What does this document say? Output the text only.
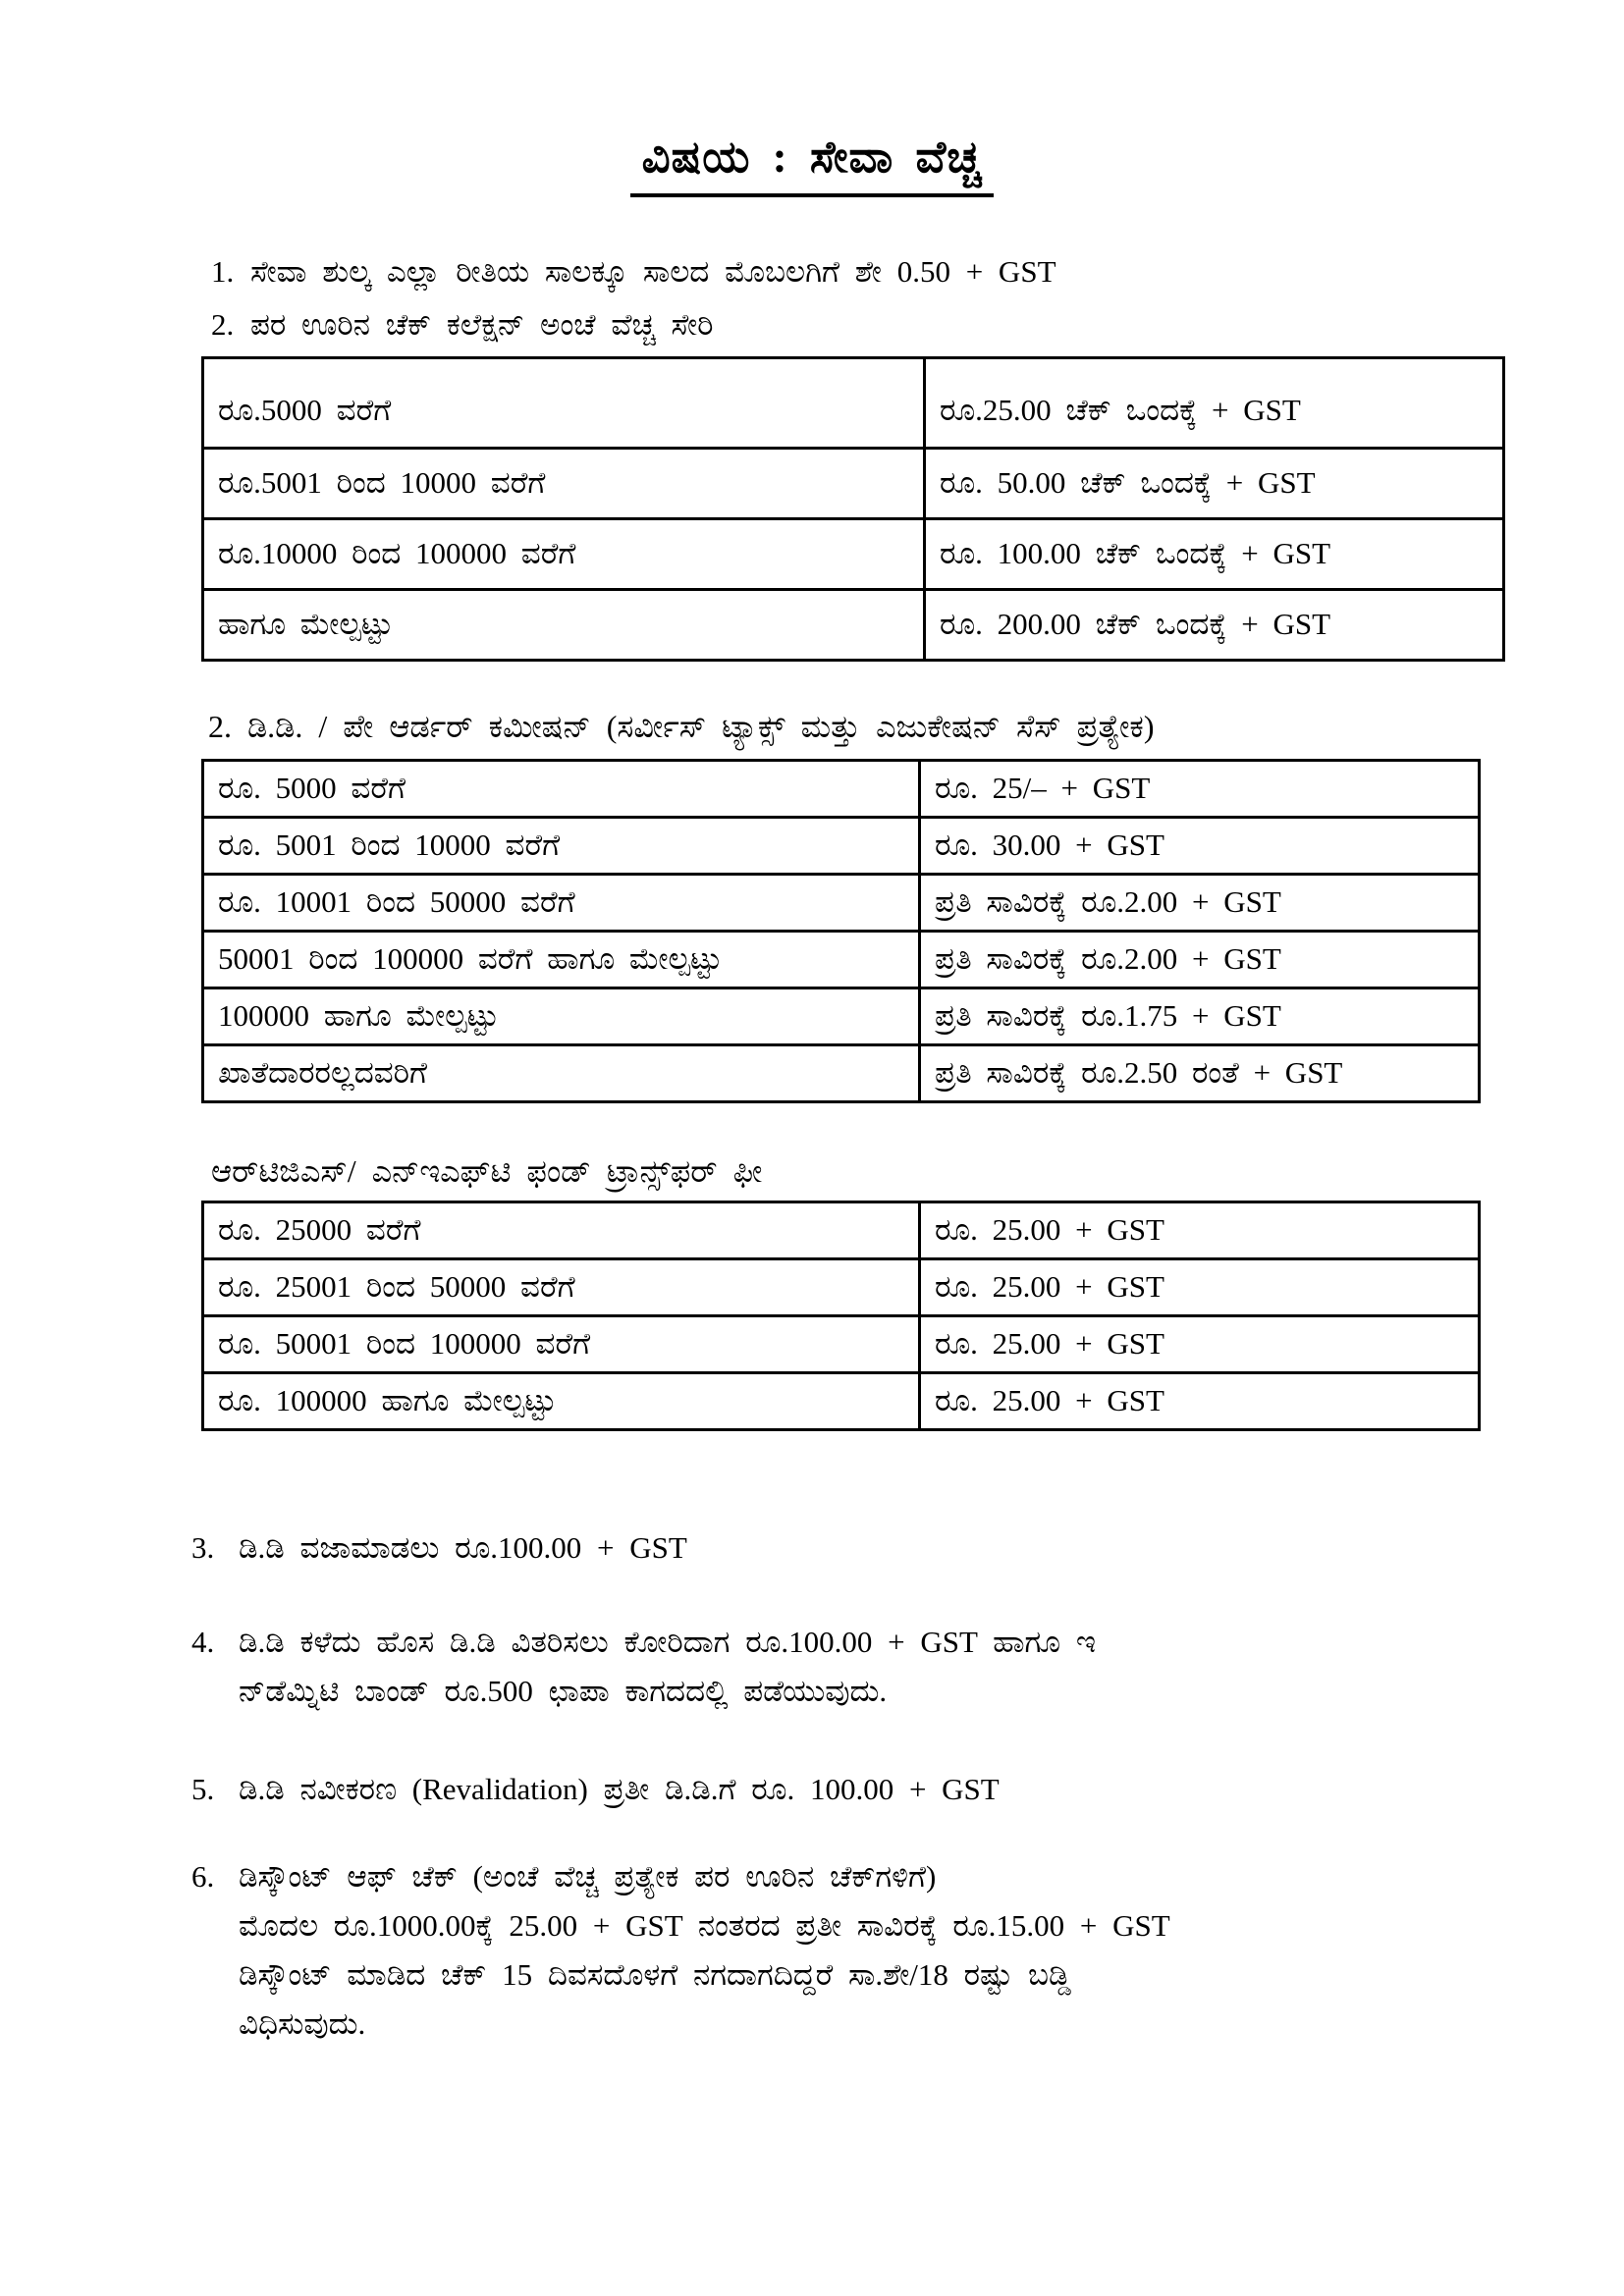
ವಿಷಯ : ಸೇವಾ ವೆಚ್ಚ
1. ಸೇವಾ ಶುಲ್ಕ ಎಲ್ಲಾ ರೀತಿಯ ಸಾಲಕ್ಕೂ ಸಾಲದ ಮೊಬಲಗಿಗೆ ಶೇ 0.50 + GST
2. ಪರ ಊರಿನ ಚೆಕ್ ಕಲೆಕ್ಷನ್ ಅಂಚೆ ವೆಚ್ಚ ಸೇರಿ
ರೂ.5000 ವರೆಗೆ	ರೂ.25.00 ಚೆಕ್ ಒಂದಕ್ಕೆ + GST
ರೂ.5001 ರಿಂದ 10000 ವರೆಗೆ	ರೂ. 50.00 ಚೆಕ್ ಒಂದಕ್ಕೆ + GST
ರೂ.10000 ರಿಂದ 100000 ವರೆಗೆ	ರೂ. 100.00 ಚೆಕ್ ಒಂದಕ್ಕೆ + GST
ಹಾಗೂ ಮೇಲ್ಪಟ್ಟು	ರೂ. 200.00 ಚೆಕ್ ಒಂದಕ್ಕೆ + GST
2. ಡಿ.ಡಿ. / ಪೇ ಆರ್ಡರ್ ಕಮೀಷನ್ (ಸರ್ವೀಸ್ ಟ್ಯಾಕ್ಸ್ ಮತ್ತು ಎಜುಕೇಷನ್ ಸೆಸ್ ಪ್ರತ್ಯೇಕ)
ರೂ. 5000 ವರೆಗೆ	ರೂ. 25/– + GST
ರೂ. 5001 ರಿಂದ 10000 ವರೆಗೆ	ರೂ. 30.00 + GST
ರೂ. 10001 ರಿಂದ 50000 ವರೆಗೆ	ಪ್ರತಿ ಸಾವಿರಕ್ಕೆ ರೂ.2.00 + GST
50001 ರಿಂದ 100000 ವರೆಗೆ ಹಾಗೂ ಮೇಲ್ಪಟ್ಟು	ಪ್ರತಿ ಸಾವಿರಕ್ಕೆ ರೂ.2.00 + GST
100000 ಹಾಗೂ ಮೇಲ್ಪಟ್ಟು	ಪ್ರತಿ ಸಾವಿರಕ್ಕೆ ರೂ.1.75 + GST
ಖಾತೆದಾರರಲ್ಲದವರಿಗೆ	ಪ್ರತಿ ಸಾವಿರಕ್ಕೆ ರೂ.2.50 ರಂತೆ + GST
ಆರ್‌ಟಿಜಿಎಸ್/ ಎನ್‌ಇಎಫ್‌ಟಿ ಫಂಡ್ ಟ್ರಾನ್ಸ್‌ಫರ್ ಫೀ
ರೂ. 25000 ವರೆಗೆ	ರೂ. 25.00 + GST
ರೂ. 25001 ರಿಂದ 50000 ವರೆಗೆ	ರೂ. 25.00 + GST
ರೂ. 50001 ರಿಂದ 100000 ವರೆಗೆ	ರೂ. 25.00 + GST
ರೂ. 100000 ಹಾಗೂ ಮೇಲ್ಪಟ್ಟು	ರೂ. 25.00 + GST
3. ಡಿ.ಡಿ ವಜಾಮಾಡಲು ರೂ.100.00 + GST
4. ಡಿ.ಡಿ ಕಳೆದು ಹೊಸ ಡಿ.ಡಿ ವಿತರಿಸಲು ಕೋರಿದಾಗ ರೂ.100.00 + GST ಹಾಗೂ ಇ
ನ್‌ಡೆಮ್ನಿಟಿ ಬಾಂಡ್ ರೂ.500 ಛಾಪಾ ಕಾಗದದಲ್ಲಿ ಪಡೆಯುವುದು.
5. ಡಿ.ಡಿ ನವೀಕರಣ (Revalidation) ಪ್ರತೀ ಡಿ.ಡಿ.ಗೆ ರೂ. 100.00 + GST
6. ಡಿಸ್ಕೌಂಟ್ ಆಫ್ ಚೆಕ್ (ಅಂಚೆ ವೆಚ್ಚ ಪ್ರತ್ಯೇಕ ಪರ ಊರಿನ ಚೆಕ್‌ಗಳಿಗೆ)
ಮೊದಲ ರೂ.1000.00ಕ್ಕೆ 25.00 + GST ನಂತರದ ಪ್ರತೀ ಸಾವಿರಕ್ಕೆ ರೂ.15.00 + GST
ಡಿಸ್ಕೌಂಟ್ ಮಾಡಿದ ಚೆಕ್ 15 ದಿವಸದೊಳಗೆ ನಗದಾಗದಿದ್ದರೆ ಸಾ.ಶೇ/18 ರಷ್ಟು ಬಡ್ಡಿ
ವಿಧಿಸುವುದು.
